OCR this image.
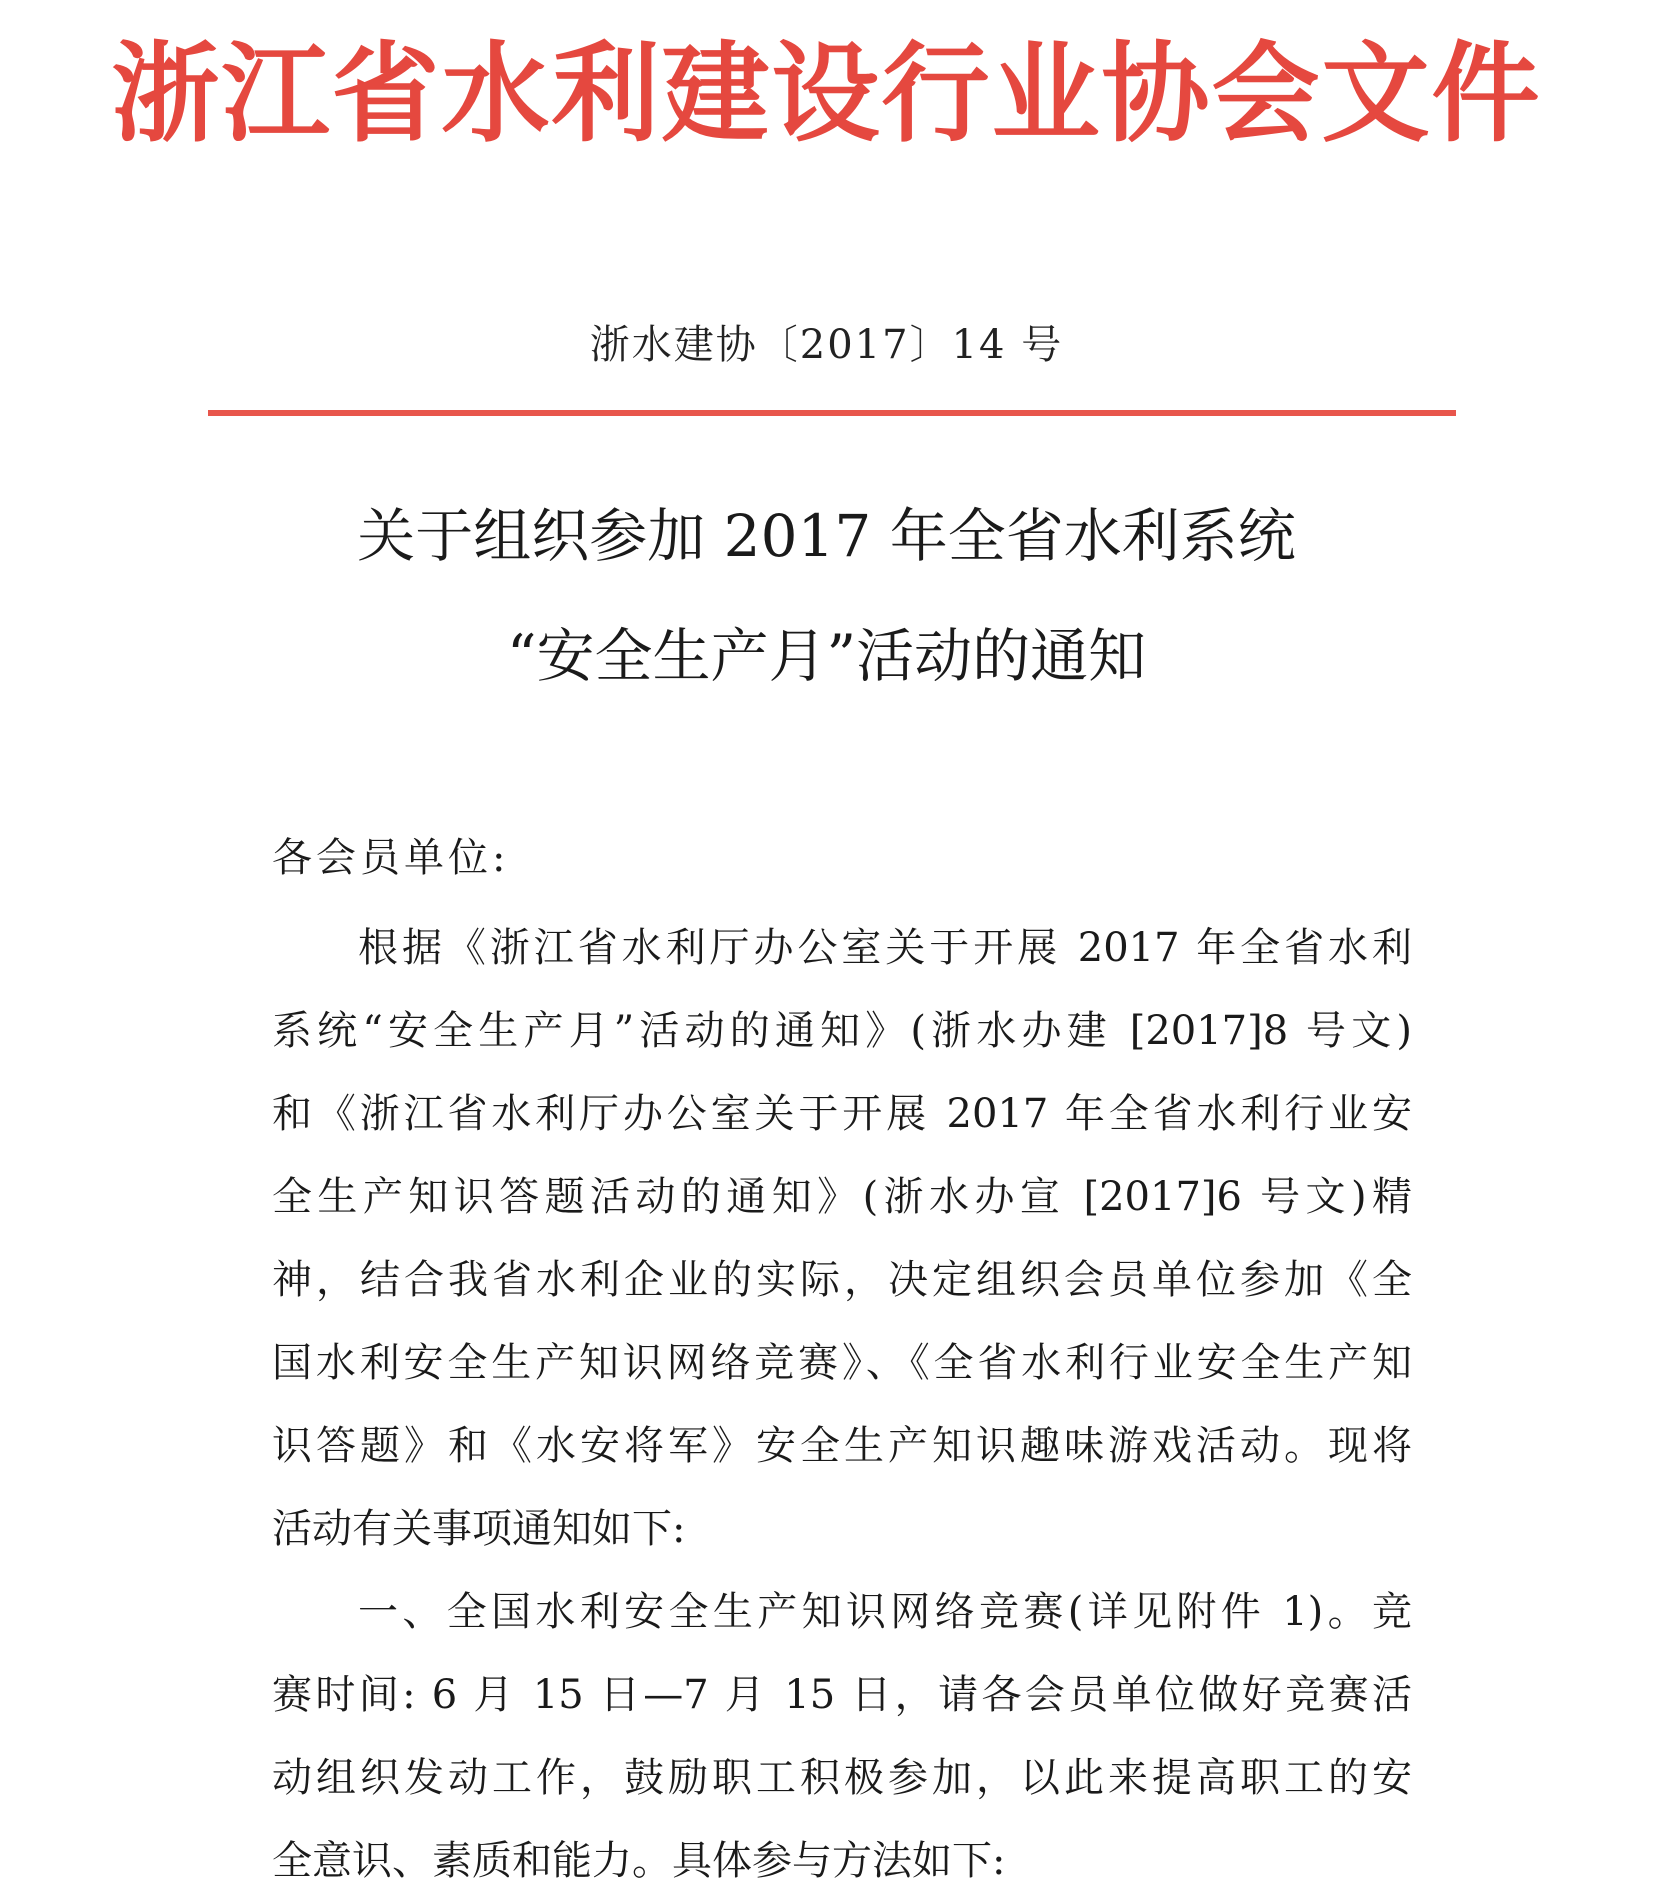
浙江省水利建设行业协会文件
浙水建协〔2017〕14 号
关于组织参加 2017 年全省水利系统
“安全生产月”活动的通知
各会员单位:
根据《浙江省水利厅办公室关于开展 2017 年全省水利
系统“安全生产月”活动的通知》(浙水办建 [2017]8 号文)
和《浙江省水利厅办公室关于开展 2017 年全省水利行业安
全生产知识答题活动的通知》(浙水办宣 [2017]6 号文)精
神，结合我省水利企业的实际，决定组织会员单位参加《全
国水利安全生产知识网络竞赛》、《全省水利行业安全生产知
识答题》和《水安将军》安全生产知识趣味游戏活动。现将
活动有关事项通知如下:
一、全国水利安全生产知识网络竞赛(详见附件 1)。竞
赛时间: 6 月 15 日—7 月 15 日，请各会员单位做好竞赛活
动组织发动工作，鼓励职工积极参加，以此来提高职工的安
全意识、素质和能力。具体参与方法如下:
